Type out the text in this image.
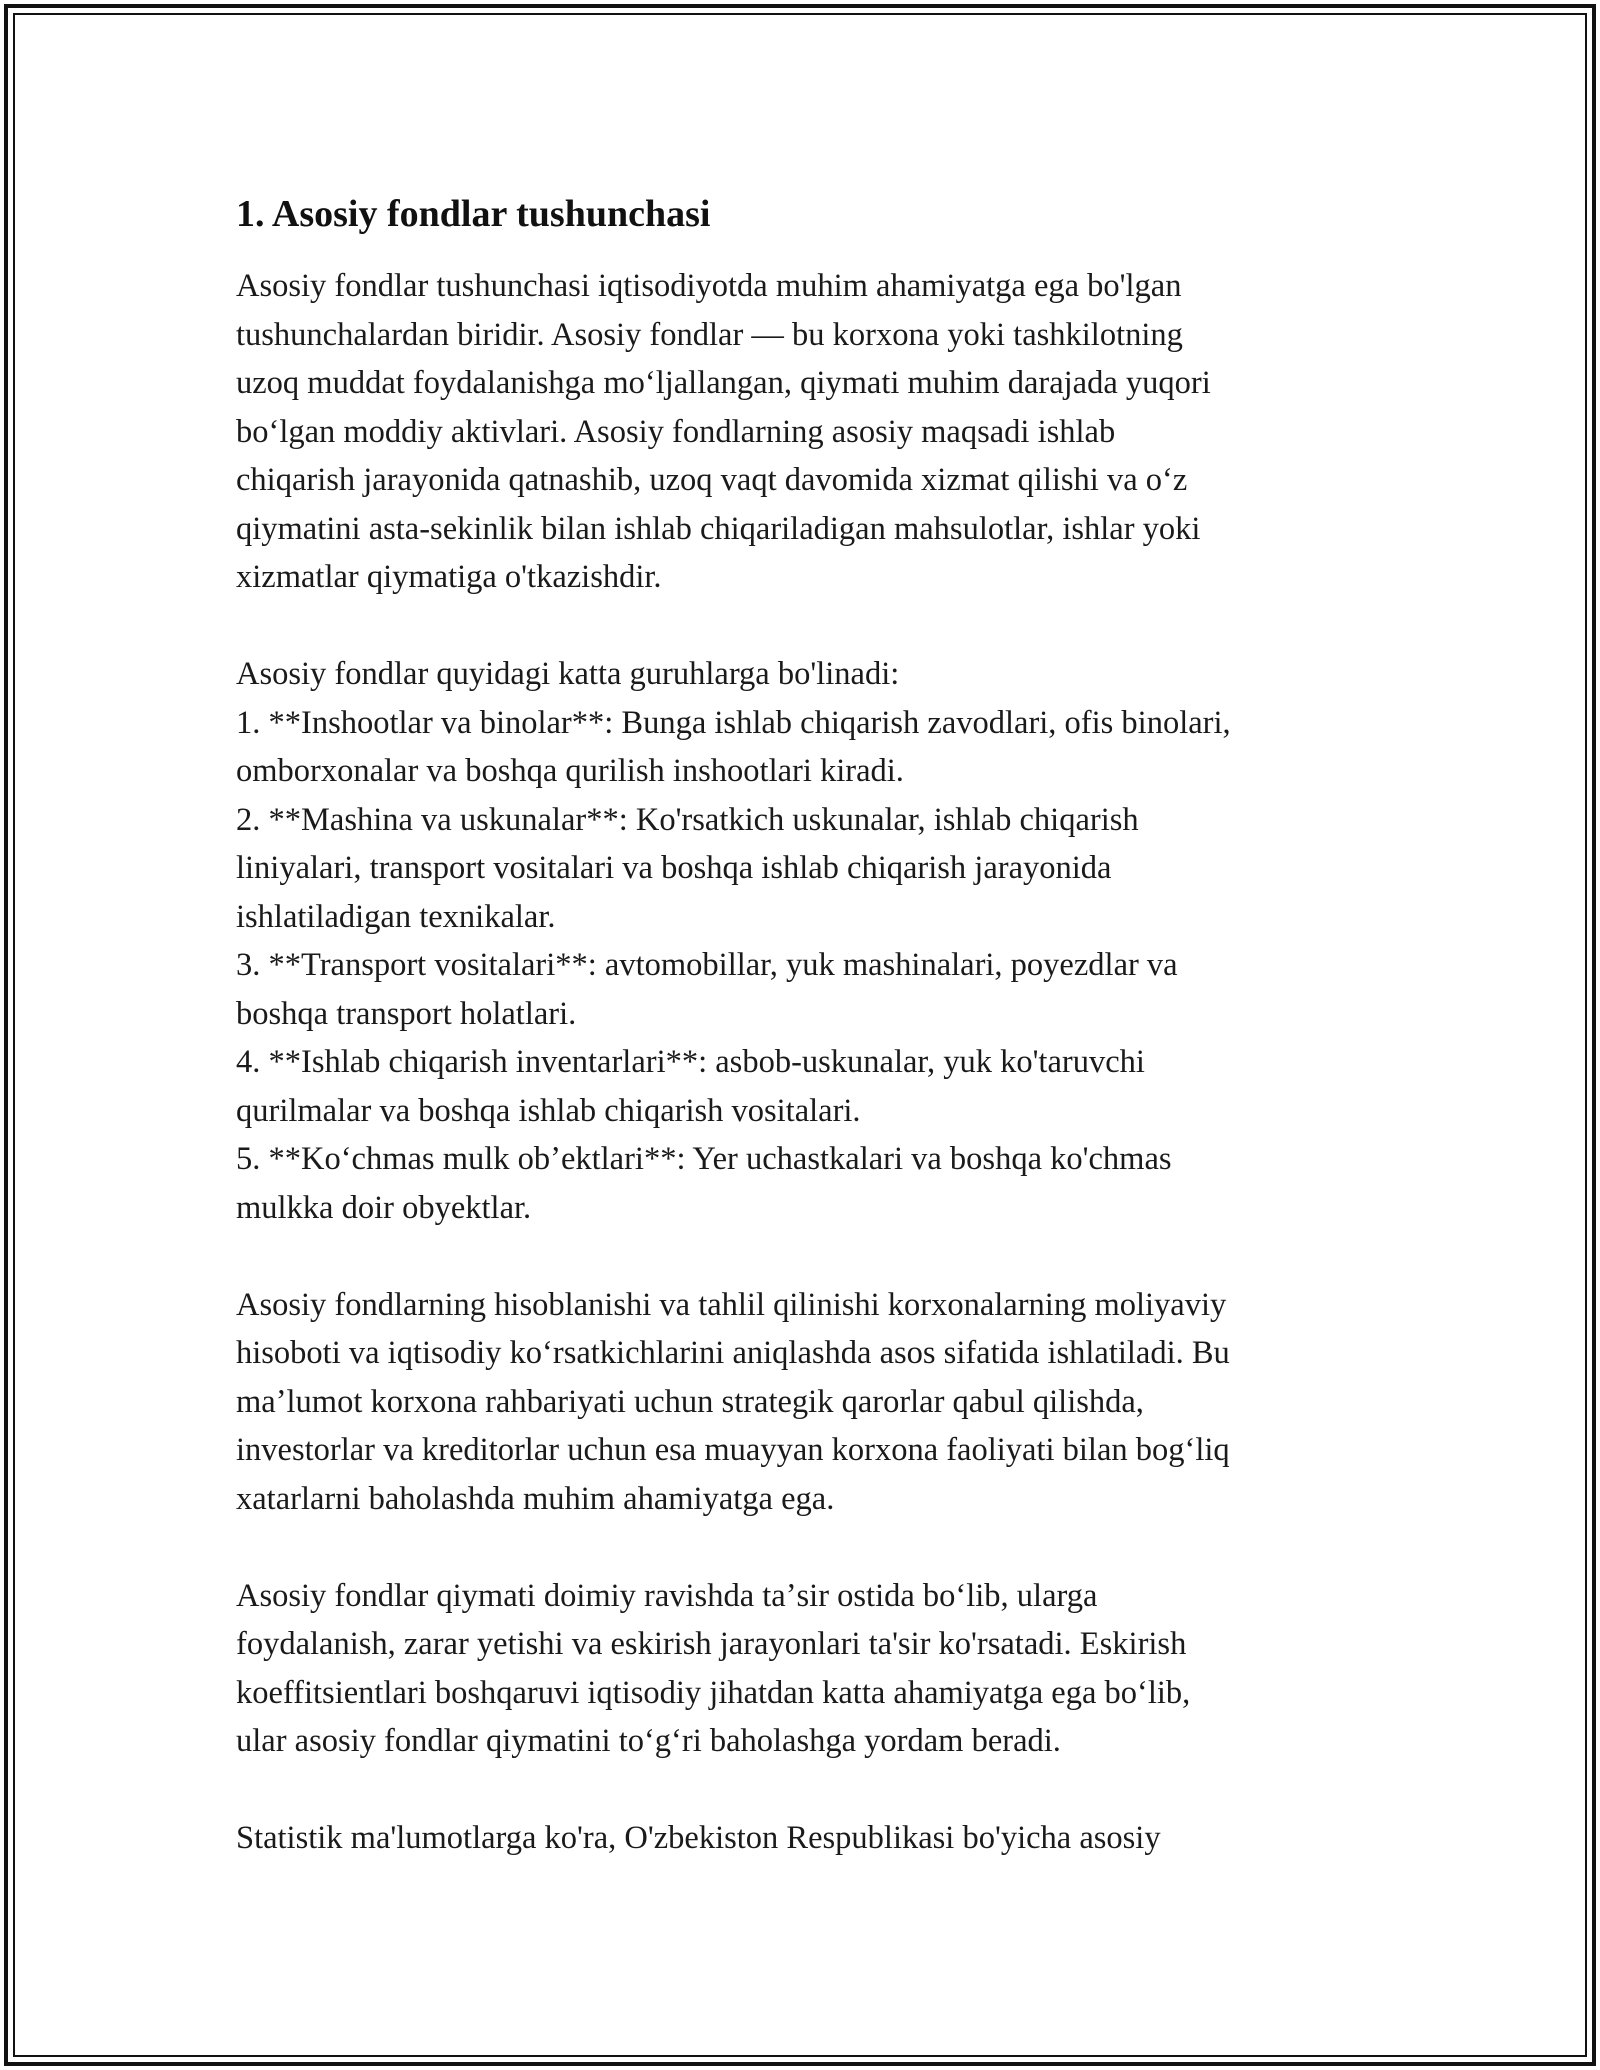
1. Asosiy fondlar tushunchasi

Asosiy fondlar tushunchasi iqtisodiyotda muhim ahamiyatga ega bo'lgan
tushunchalardan biridir. Asosiy fondlar — bu korxona yoki tashkilotning
uzoq muddat foydalanishga moʻljallangan, qiymati muhim darajada yuqori
boʻlgan moddiy aktivlari. Asosiy fondlarning asosiy maqsadi ishlab
chiqarish jarayonida qatnashib, uzoq vaqt davomida xizmat qilishi va oʻz
qiymatini asta-sekinlik bilan ishlab chiqariladigan mahsulotlar, ishlar yoki
xizmatlar qiymatiga o'tkazishdir.

Asosiy fondlar quyidagi katta guruhlarga bo'linadi:
1. **Inshootlar va binolar**: Bunga ishlab chiqarish zavodlari, ofis binolari,
omborxonalar va boshqa qurilish inshootlari kiradi.
2. **Mashina va uskunalar**: Ko'rsatkich uskunalar, ishlab chiqarish
liniyalari, transport vositalari va boshqa ishlab chiqarish jarayonida
ishlatiladigan texnikalar.
3. **Transport vositalari**: avtomobillar, yuk mashinalari, poyezdlar va
boshqa transport holatlari.
4. **Ishlab chiqarish inventarlari**: asbob-uskunalar, yuk ko'taruvchi
qurilmalar va boshqa ishlab chiqarish vositalari.
5. **Koʻchmas mulk obʼektlari**: Yer uchastkalari va boshqa ko'chmas
mulkka doir obyektlar.

Asosiy fondlarning hisoblanishi va tahlil qilinishi korxonalarning moliyaviy
hisoboti va iqtisodiy koʻrsatkichlarini aniqlashda asos sifatida ishlatiladi. Bu
maʼlumot korxona rahbariyati uchun strategik qarorlar qabul qilishda,
investorlar va kreditorlar uchun esa muayyan korxona faoliyati bilan bogʻliq
xatarlarni baholashda muhim ahamiyatga ega.

Asosiy fondlar qiymati doimiy ravishda taʼsir ostida boʻlib, ularga
foydalanish, zarar yetishi va eskirish jarayonlari ta'sir ko'rsatadi. Eskirish
koeffitsientlari boshqaruvi iqtisodiy jihatdan katta ahamiyatga ega boʻlib,
ular asosiy fondlar qiymatini toʻgʻri baholashga yordam beradi.

Statistik ma'lumotlarga ko'ra, O'zbekiston Respublikasi bo'yicha asosiy
